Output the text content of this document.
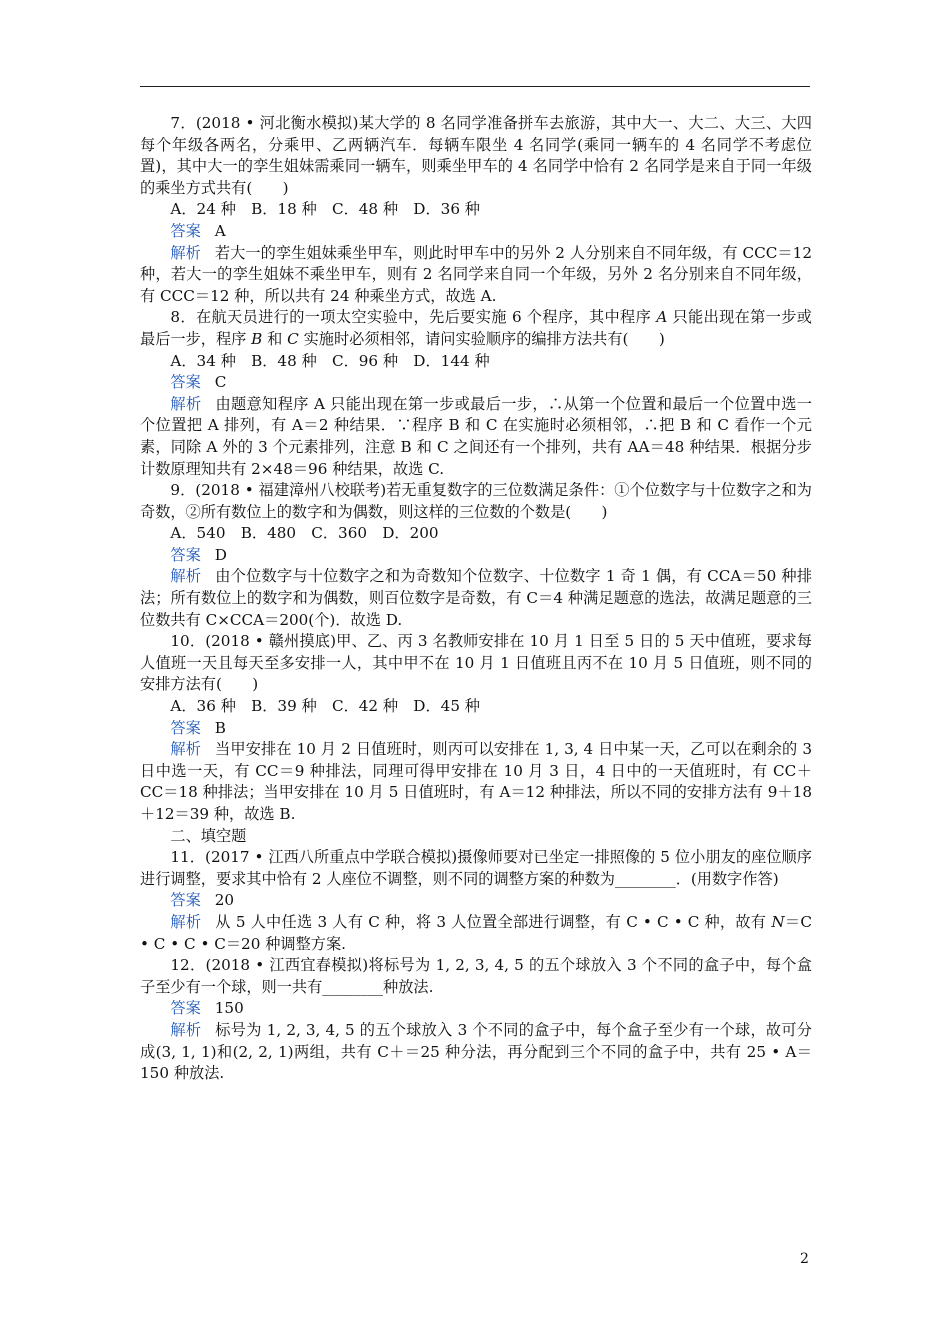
7．(2018 • 河北衡水模拟)某大学的 8 名同学准备拼车去旅游，其中大一、大二、大三、大四每个年级各两名，分乘甲、乙两辆汽车．每辆车限坐 4 名同学(乘同一辆车的 4 名同学不考虑位置)，其中大一的孪生姐妹需乘同一辆车，则乘坐甲车的 4 名同学中恰有 2 名同学是来自于同一年级的乘坐方式共有(　　)

A．24 种　B．18 种　C．48 种　D．36 种

答案 A

解析 若大一的孪生姐妹乘坐甲车，则此时甲车中的另外 2 人分别来自不同年级，有 CCC＝12 种，若大一的孪生姐妹不乘坐甲车，则有 2 名同学来自同一个年级，另外 2 名分别来自不同年级，有 CCC＝12 种，所以共有 24 种乘坐方式，故选 A.

8．在航天员进行的一项太空实验中，先后要实施 6 个程序，其中程序 A 只能出现在第一步或最后一步，程序 B 和 C 实施时必须相邻，请问实验顺序的编排方法共有(　　)

A．34 种　B．48 种　C．96 种　D．144 种

答案 C

解析 由题意知程序 A 只能出现在第一步或最后一步，∴从第一个位置和最后一个位置中选一个位置把 A 排列，有 A＝2 种结果．∵程序 B 和 C 在实施时必须相邻，∴把 B 和 C 看作一个元素，同除 A 外的 3 个元素排列，注意 B 和 C 之间还有一个排列，共有 AA＝48 种结果．根据分步计数原理知共有 2×48＝96 种结果，故选 C.

9．(2018 • 福建漳州八校联考)若无重复数字的三位数满足条件：①个位数字与十位数字之和为奇数，②所有数位上的数字和为偶数，则这样的三位数的个数是(　　)

A．540　B．480　C．360　D．200

答案 D

解析 由个位数字与十位数字之和为奇数知个位数字、十位数字 1 奇 1 偶，有 CCA＝50 种排法；所有数位上的数字和为偶数，则百位数字是奇数，有 C＝4 种满足题意的选法，故满足题意的三位数共有 C×CCA＝200(个)．故选 D.

10．(2018 • 赣州摸底)甲、乙、丙 3 名教师安排在 10 月 1 日至 5 日的 5 天中值班，要求每人值班一天且每天至多安排一人，其中甲不在 10 月 1 日值班且丙不在 10 月 5 日值班，则不同的安排方法有(　　)

A．36 种　B．39 种　C．42 种　D．45 种

答案 B

解析 当甲安排在 10 月 2 日值班时，则丙可以安排在 1, 3, 4 日中某一天，乙可以在剩余的 3 日中选一天，有 CC＝9 种排法，同理可得甲安排在 10 月 3 日，4 日中的一天值班时，有 CC＋CC＝18 种排法；当甲安排在 10 月 5 日值班时，有 A＝12 种排法，所以不同的安排方法有 9＋18＋12＝39 种，故选 B.

二、填空题

11．(2017 • 江西八所重点中学联合模拟)摄像师要对已坐定一排照像的 5 位小朋友的座位顺序进行调整，要求其中恰有 2 人座位不调整，则不同的调整方案的种数为________．(用数字作答)

答案 20

解析 从 5 人中任选 3 人有 C 种，将 3 人位置全部进行调整，有 C • C • C 种，故有 N＝C • C • C • C＝20 种调整方案.

12．(2018 • 江西宜春模拟)将标号为 1, 2, 3, 4, 5 的五个球放入 3 个不同的盒子中，每个盒子至少有一个球，则一共有________种放法.

答案 150

解析 标号为 1, 2, 3, 4, 5 的五个球放入 3 个不同的盒子中，每个盒子至少有一个球，故可分成(3, 1, 1)和(2, 2, 1)两组，共有 C＋＝25 种分法，再分配到三个不同的盒子中，共有 25 • A＝150 种放法.

2
